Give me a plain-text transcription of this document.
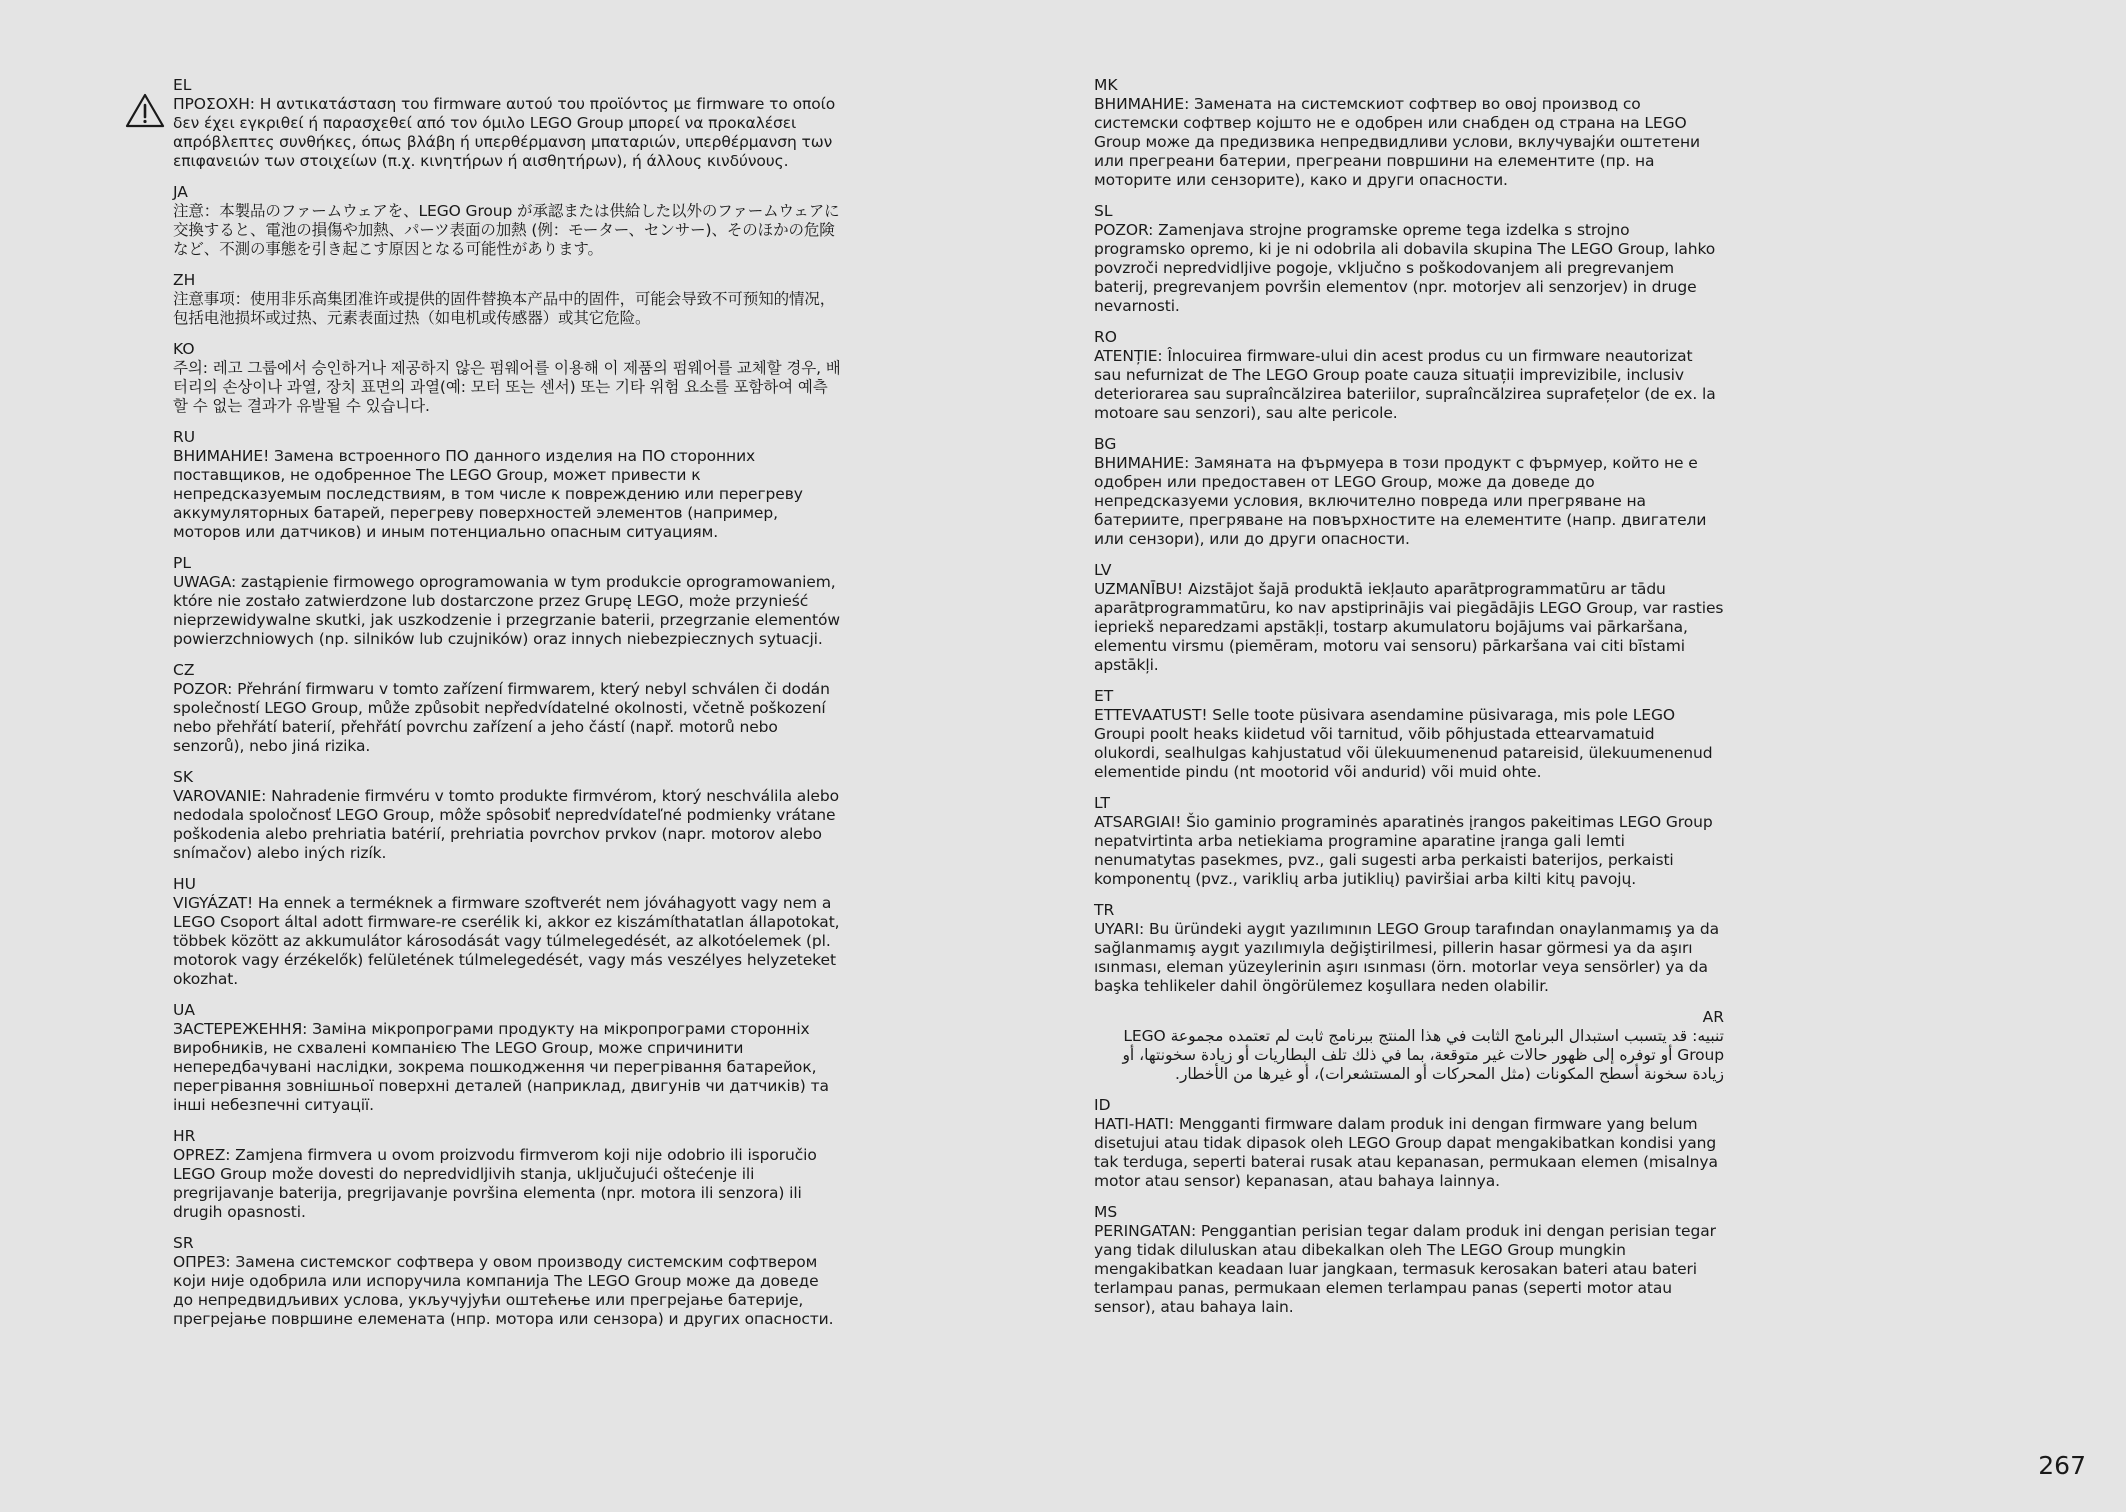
EL
ΠΡΟΣΟΧΗ: Η αντικατάσταση του firmware αυτού του προϊόντος με firmware το οποίο δεν έχει εγκριθεί ή παρασχεθεί από τον όμιλο LEGO Group μπορεί να προκαλέσει απρόβλεπτες συνθήκες, όπως βλάβη ή υπερθέρμανση μπαταριών, υπερθέρμανση των επιφανειών των στοιχείων (π.χ. κινητήρων ή αισθητήρων), ή άλλους κινδύνους.
JA
注意：本製品のファームウェアを、LEGO Group が承認または供給した以外のファームウェアに交換すると、電池の損傷や加熱、パーツ表面の加熱 (例：モーター、センサー)、そのほかの危険など、不測の事態を引き起こす原因となる可能性があります。
ZH
注意事项：使用非乐高集团准许或提供的固件替换本产品中的固件，可能会导致不可预知的情况，包括电池损坏或过热、元素表面过热（如电机或传感器）或其它危险。
KO
주의: 레고 그룹에서 승인하거나 제공하지 않은 펌웨어를 이용해 이 제품의 펌웨어를 교체할 경우, 배터리의 손상이나 과열, 장치 표면의 과열(예: 모터 또는 센서) 또는 기타 위험 요소를 포함하여 예측할 수 없는 결과가 유발될 수 있습니다.
RU
ВНИМАНИЕ! Замена встроенного ПО данного изделия на ПО сторонних поставщиков, не одобренное The LEGO Group, может привести к непредсказуемым последствиям, в том числе к повреждению или перегреву аккумуляторных батарей, перегреву поверхностей элементов (например, моторов или датчиков) и иным потенциально опасным ситуациям.
PL
UWAGA: zastąpienie firmowego oprogramowania w tym produkcie oprogramowaniem, które nie zostało zatwierdzone lub dostarczone przez Grupę LEGO, może przynieść nieprzewidywalne skutki, jak uszkodzenie i przegrzanie baterii, przegrzanie elementów powierzchniowych (np. silników lub czujników) oraz innych niebezpiecznych sytuacji.
CZ
POZOR: Přehrání firmwaru v tomto zařízení firmwarem, který nebyl schválen či dodán společností LEGO Group, může způsobit nepředvídatelné okolnosti, včetně poškození nebo přehřátí baterií, přehřátí povrchu zařízení a jeho částí (např. motorů nebo senzorů), nebo jiná rizika.
SK
VAROVANIE: Nahradenie firmvéru v tomto produkte firmvérom, ktorý neschválila alebo nedodala spoločnosť LEGO Group, môže spôsobiť nepredvídateľné podmienky vrátane poškodenia alebo prehriatia batérií, prehriatia povrchov prvkov (napr. motorov alebo snímačov) alebo iných rizík.
HU
VIGYÁZAT! Ha ennek a terméknek a firmware szoftverét nem jóváhagyott vagy nem a LEGO Csoport által adott firmware-re cserélik ki, akkor ez kiszámíthatatlan állapotokat, többek között az akkumulátor károsodását vagy túlmelegedését, az alkotóelemek (pl. motorok vagy érzékelők) felületének túlmelegedését, vagy más veszélyes helyzeteket okozhat.
UA
ЗАСТЕРЕЖЕННЯ: Заміна мікропрограми продукту на мікропрограми сторонніх виробників, не схвалені компанією The LEGO Group, може спричинити непередбачувані наслідки, зокрема пошкодження чи перегрівання батарейок, перегрівання зовнішньої поверхні деталей (наприклад, двигунів чи датчиків) та інші небезпечні ситуації.
HR
OPREZ: Zamjena firmvera u ovom proizvodu firmverom koji nije odobrio ili isporučio LEGO Group može dovesti do nepredvidljivih stanja, uključujući oštećenje ili pregrijavanje baterija, pregrijavanje površina elementa (npr. motora ili senzora) ili drugih opasnosti.
SR
ОПРЕЗ: Замена системског софтвера у овом производу системским софтвером који није одобрила или испоручила компанија The LEGO Group може да доведе до непредвидљивих услова, укључујући оштећење или прегрејање батерије, прегрејање површине елемената (нпр. мотора или сензора) и других опасности.
MK
ВНИМАНИЕ: Замената на системскиот софтвер во овој производ со системски софтвер којшто не е одобрен или снабден од страна на LEGO Group може да предизвика непредвидливи услови, вклучувајќи оштетени или прегреани батерии, прегреани површини на елементите (пр. на моторите или сензорите), како и други опасности.
SL
POZOR: Zamenjava strojne programske opreme tega izdelka s strojno programsko opremo, ki je ni odobrila ali dobavila skupina The LEGO Group, lahko povzroči nepredvidljive pogoje, vključno s poškodovanjem ali pregrevanjem baterij, pregrevanjem površin elementov (npr. motorjev ali senzorjev) in druge nevarnosti.
RO
ATENȚIE: Înlocuirea firmware-ului din acest produs cu un firmware neautorizat sau nefurnizat de The LEGO Group poate cauza situații imprevizibile, inclusiv deteriorarea sau supraîncălzirea bateriilor, supraîncălzirea suprafețelor (de ex. la motoare sau senzori), sau alte pericole.
BG
ВНИМАНИЕ: Замяната на фърмуера в този продукт с фърмуер, който не е одобрен или предоставен от LEGO Group, може да доведе до непредсказуеми условия, включително повреда или прегряване на батериите, прегряване на повърхностите на елементите (напр. двигатели или сензори), или до други опасности.
LV
UZMANĪBU! Aizstājot šajā produktā iekļauto aparātprogrammatūru ar tādu aparātprogrammatūru, ko nav apstiprinājis vai piegādājis LEGO Group, var rasties iepriekš neparedzami apstākļi, tostarp akumulatoru bojājums vai pārkaršana, elementu virsmu (piemēram, motoru vai sensoru) pārkaršana vai citi bīstami apstākļi.
ET
ETTEVAATUST! Selle toote püsivara asendamine püsivaraga, mis pole LEGO Groupi poolt heaks kiidetud või tarnitud, võib põhjustada ettearvamatuid olukordi, sealhulgas kahjustatud või ülekuumenenud patareisid, ülekuumenenud elementide pindu (nt mootorid või andurid) või muid ohte.
LT
ATSARGIAI! Šio gaminio programinės aparatinės įrangos pakeitimas LEGO Group nepatvirtinta arba netiekiama programine aparatine įranga gali lemti nenumatytas pasekmes, pvz., gali sugesti arba perkaisti baterijos, perkaisti komponentų (pvz., variklių arba jutiklių) paviršiai arba kilti kitų pavojų.
TR
UYARI: Bu üründeki aygıt yazılımının LEGO Group tarafından onaylanmamış ya da sağlanmamış aygıt yazılımıyla değiştirilmesi, pillerin hasar görmesi ya da aşırı ısınması, eleman yüzeylerinin aşırı ısınması (örn. motorlar veya sensörler) ya da başka tehlikeler dahil öngörülemez koşullara neden olabilir.
AR
تنبيه: قد يتسبب استبدال البرنامج الثابت في هذا المنتج ببرنامج ثابت لم تعتمده مجموعة LEGO Group أو توفره إلى ظهور حالات غير متوقعة، بما في ذلك تلف البطاريات أو زيادة سخونتها، أو زيادة سخونة أسطح المكونات (مثل المحركات أو المستشعرات)، أو غيرها من الأخطار.
ID
HATI-HATI: Mengganti firmware dalam produk ini dengan firmware yang belum disetujui atau tidak dipasok oleh LEGO Group dapat mengakibatkan kondisi yang tak terduga, seperti baterai rusak atau kepanasan, permukaan elemen (misalnya motor atau sensor) kepanasan, atau bahaya lainnya.
MS
PERINGATAN: Penggantian perisian tegar dalam produk ini dengan perisian tegar yang tidak diluluskan atau dibekalkan oleh The LEGO Group mungkin mengakibatkan keadaan luar jangkaan, termasuk kerosakan bateri atau bateri terlampau panas, permukaan elemen terlampau panas (seperti motor atau sensor), atau bahaya lain.
267
